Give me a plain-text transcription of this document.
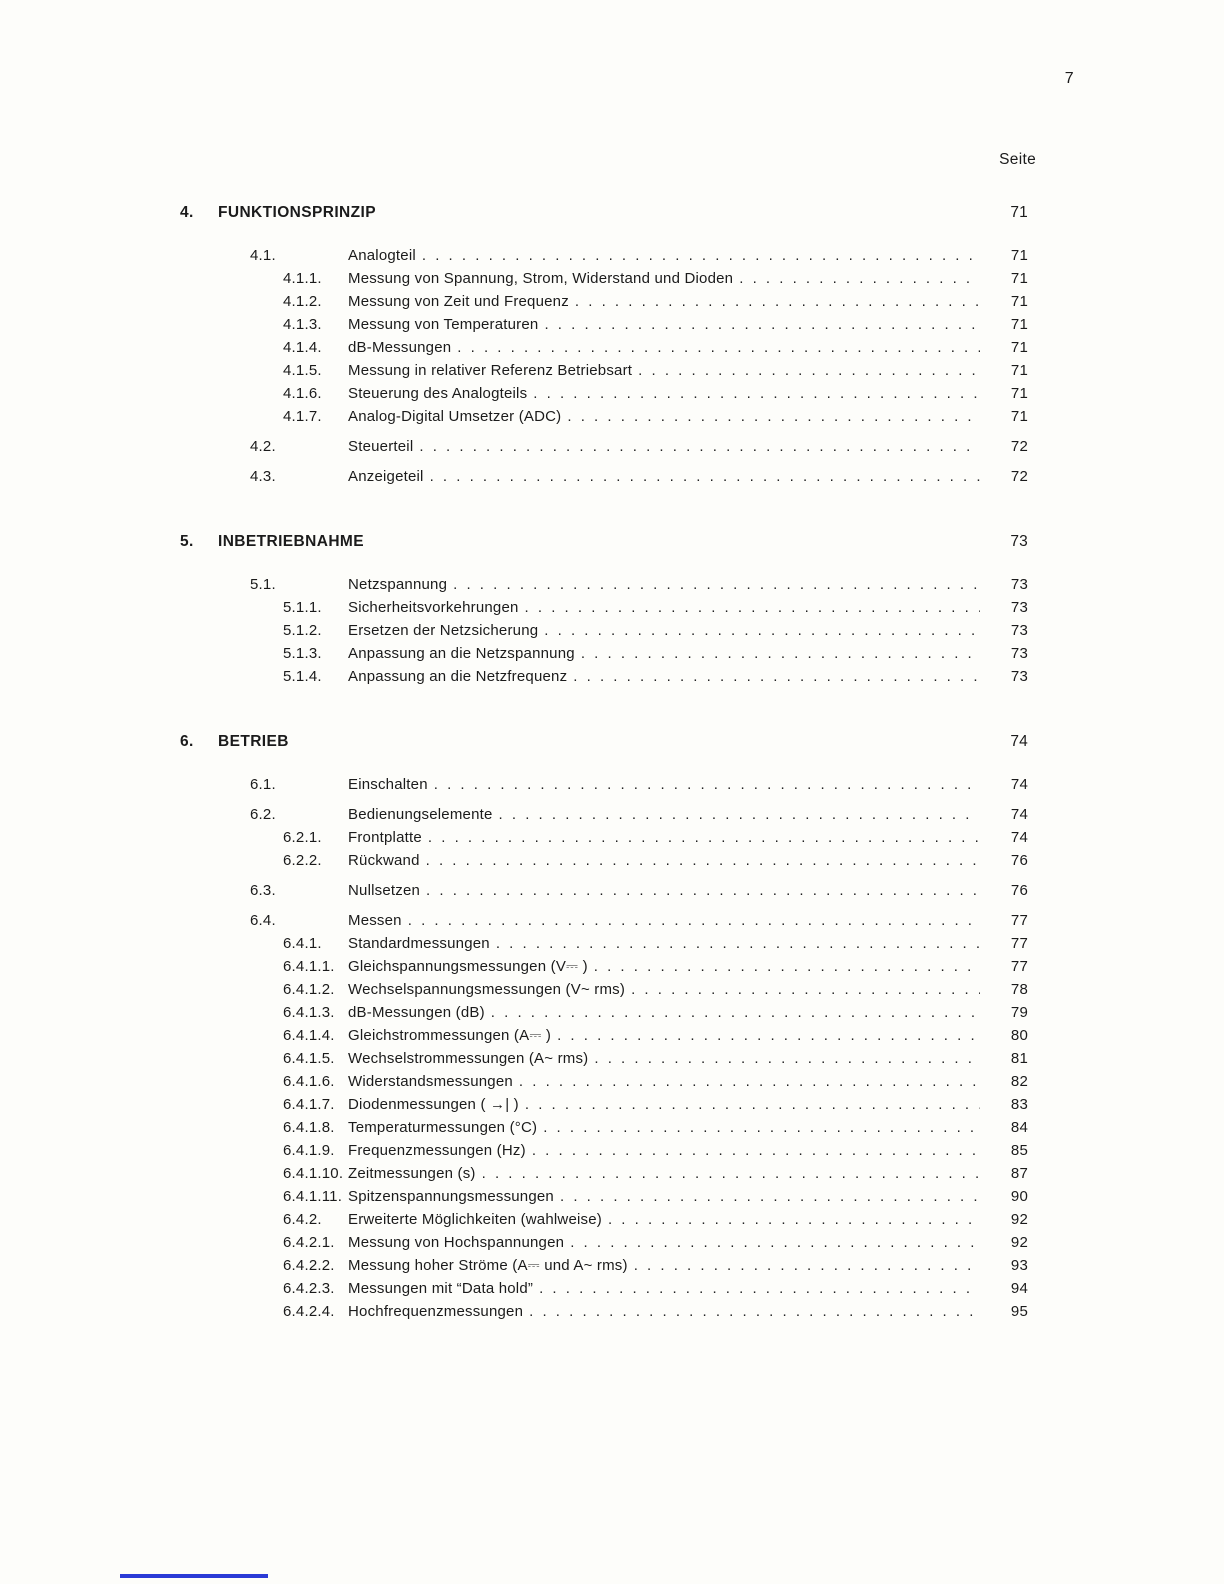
7
Seite
4.	FUNKTIONSPRINZIP	71
4.1.	Analogteil . . .	71
4.1.1.	Messung von Spannung, Strom, Widerstand und Dioden . . .	71
4.1.2.	Messung von Zeit und Frequenz . . .	71
4.1.3.	Messung von Temperaturen . . .	71
4.1.4.	dB-Messungen . . .	71
4.1.5.	Messung in relativer Referenz Betriebsart . . .	71
4.1.6.	Steuerung des Analogteils . . .	71
4.1.7.	Analog-Digital Umsetzer (ADC) . . .	71
4.2.	Steuerteil . . .	72
4.3.	Anzeigeteil . . .	72
5.	INBETRIEBNAHME	73
5.1.	Netzspannung . . .	73
5.1.1.	Sicherheitsvorkehrungen . . .	73
5.1.2.	Ersetzen der Netzsicherung . . .	73
5.1.3.	Anpassung an die Netzspannung . . .	73
5.1.4.	Anpassung an die Netzfrequenz . . .	73
6.	BETRIEB	74
6.1.	Einschalten . . .	74
6.2.	Bedienungselemente . . .	74
6.2.1.	Frontplatte . . .	74
6.2.2.	Rückwand . . .	76
6.3.	Nullsetzen . . .	76
6.4.	Messen . . .	77
6.4.1.	Standardmessungen . . .	77
6.4.1.1. Gleichspannungsmessungen (V⎓ ) . . .	77
6.4.1.2. Wechselspannungsmessungen (V~ rms) . . .	78
6.4.1.3. dB-Messungen (dB) . . .	79
6.4.1.4. Gleichstrommessungen (A⎓ ) . . .	80
6.4.1.5. Wechselstrommessungen (A~ rms) . . .	81
6.4.1.6. Widerstandsmessungen . . .	82
6.4.1.7. Diodenmessungen ( →| ) . . .	83
6.4.1.8. Temperaturmessungen (°C) . . .	84
6.4.1.9. Frequenzmessungen (Hz) . . .	85
6.4.1.10. Zeitmessungen (s) . . .	87
6.4.1.11. Spitzenspannungsmessungen . . .	90
6.4.2.	Erweiterte Möglichkeiten (wahlweise) . . .	92
6.4.2.1. Messung von Hochspannungen . . .	92
6.4.2.2. Messung hoher Ströme (A⎓ und A~ rms) . . .	93
6.4.2.3. Messungen mit “Data hold” . . .	94
6.4.2.4. Hochfrequenzmessungen . . .	95
